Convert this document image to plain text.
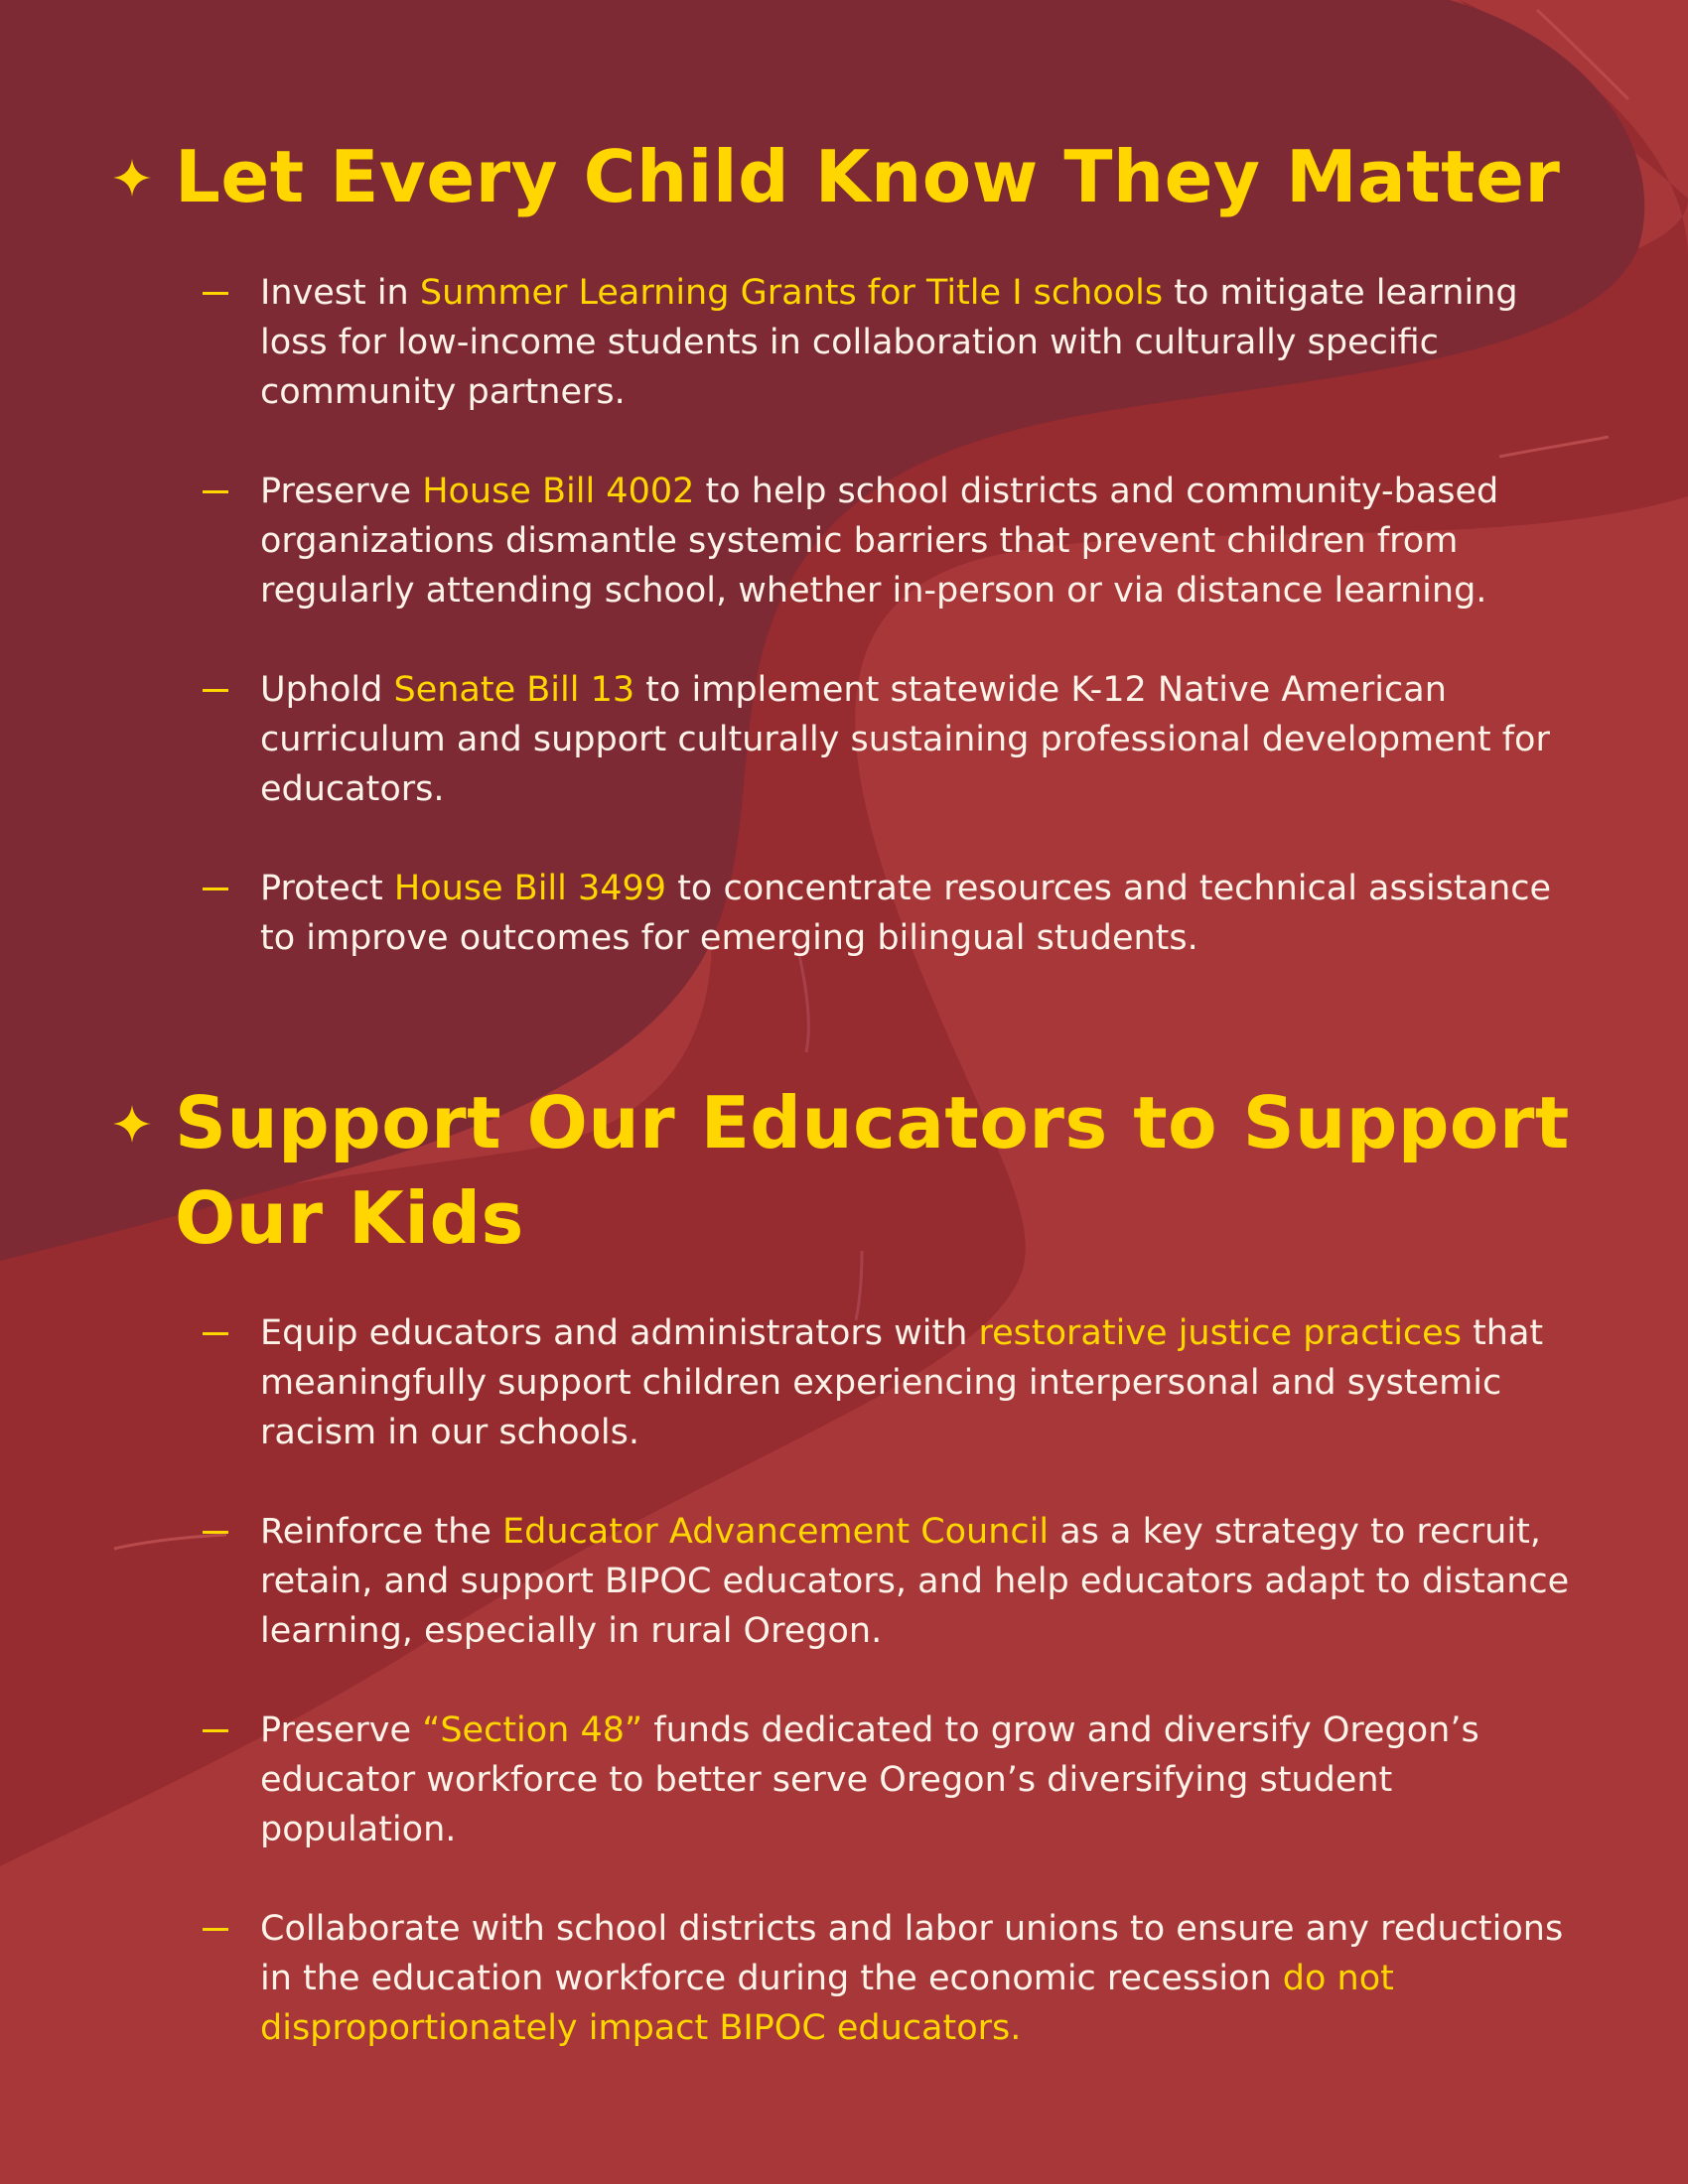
Let Every Child Know They Matter
Invest in Summer Learning Grants for Title I schools to mitigate learning loss for low-income students in collaboration with culturally specific community partners.
Preserve House Bill 4002 to help school districts and community-based organizations dismantle systemic barriers that prevent children from regularly attending school, whether in-person or via distance learning.
Uphold Senate Bill 13 to implement statewide K-12 Native American curriculum and support culturally sustaining professional development for educators.
Protect House Bill 3499 to concentrate resources and technical assistance to improve outcomes for emerging bilingual students.
Support Our Educators to Support Our Kids
Equip educators and administrators with restorative justice practices that meaningfully support children experiencing interpersonal and systemic racism in our schools.
Reinforce the Educator Advancement Council as a key strategy to recruit, retain, and support BIPOC educators, and help educators adapt to distance learning, especially in rural Oregon.
Preserve “Section 48” funds dedicated to grow and diversify Oregon’s educator workforce to better serve Oregon’s diversifying student population.
Collaborate with school districts and labor unions to ensure any reductions in the education workforce during the economic recession do not disproportionately impact BIPOC educators.
